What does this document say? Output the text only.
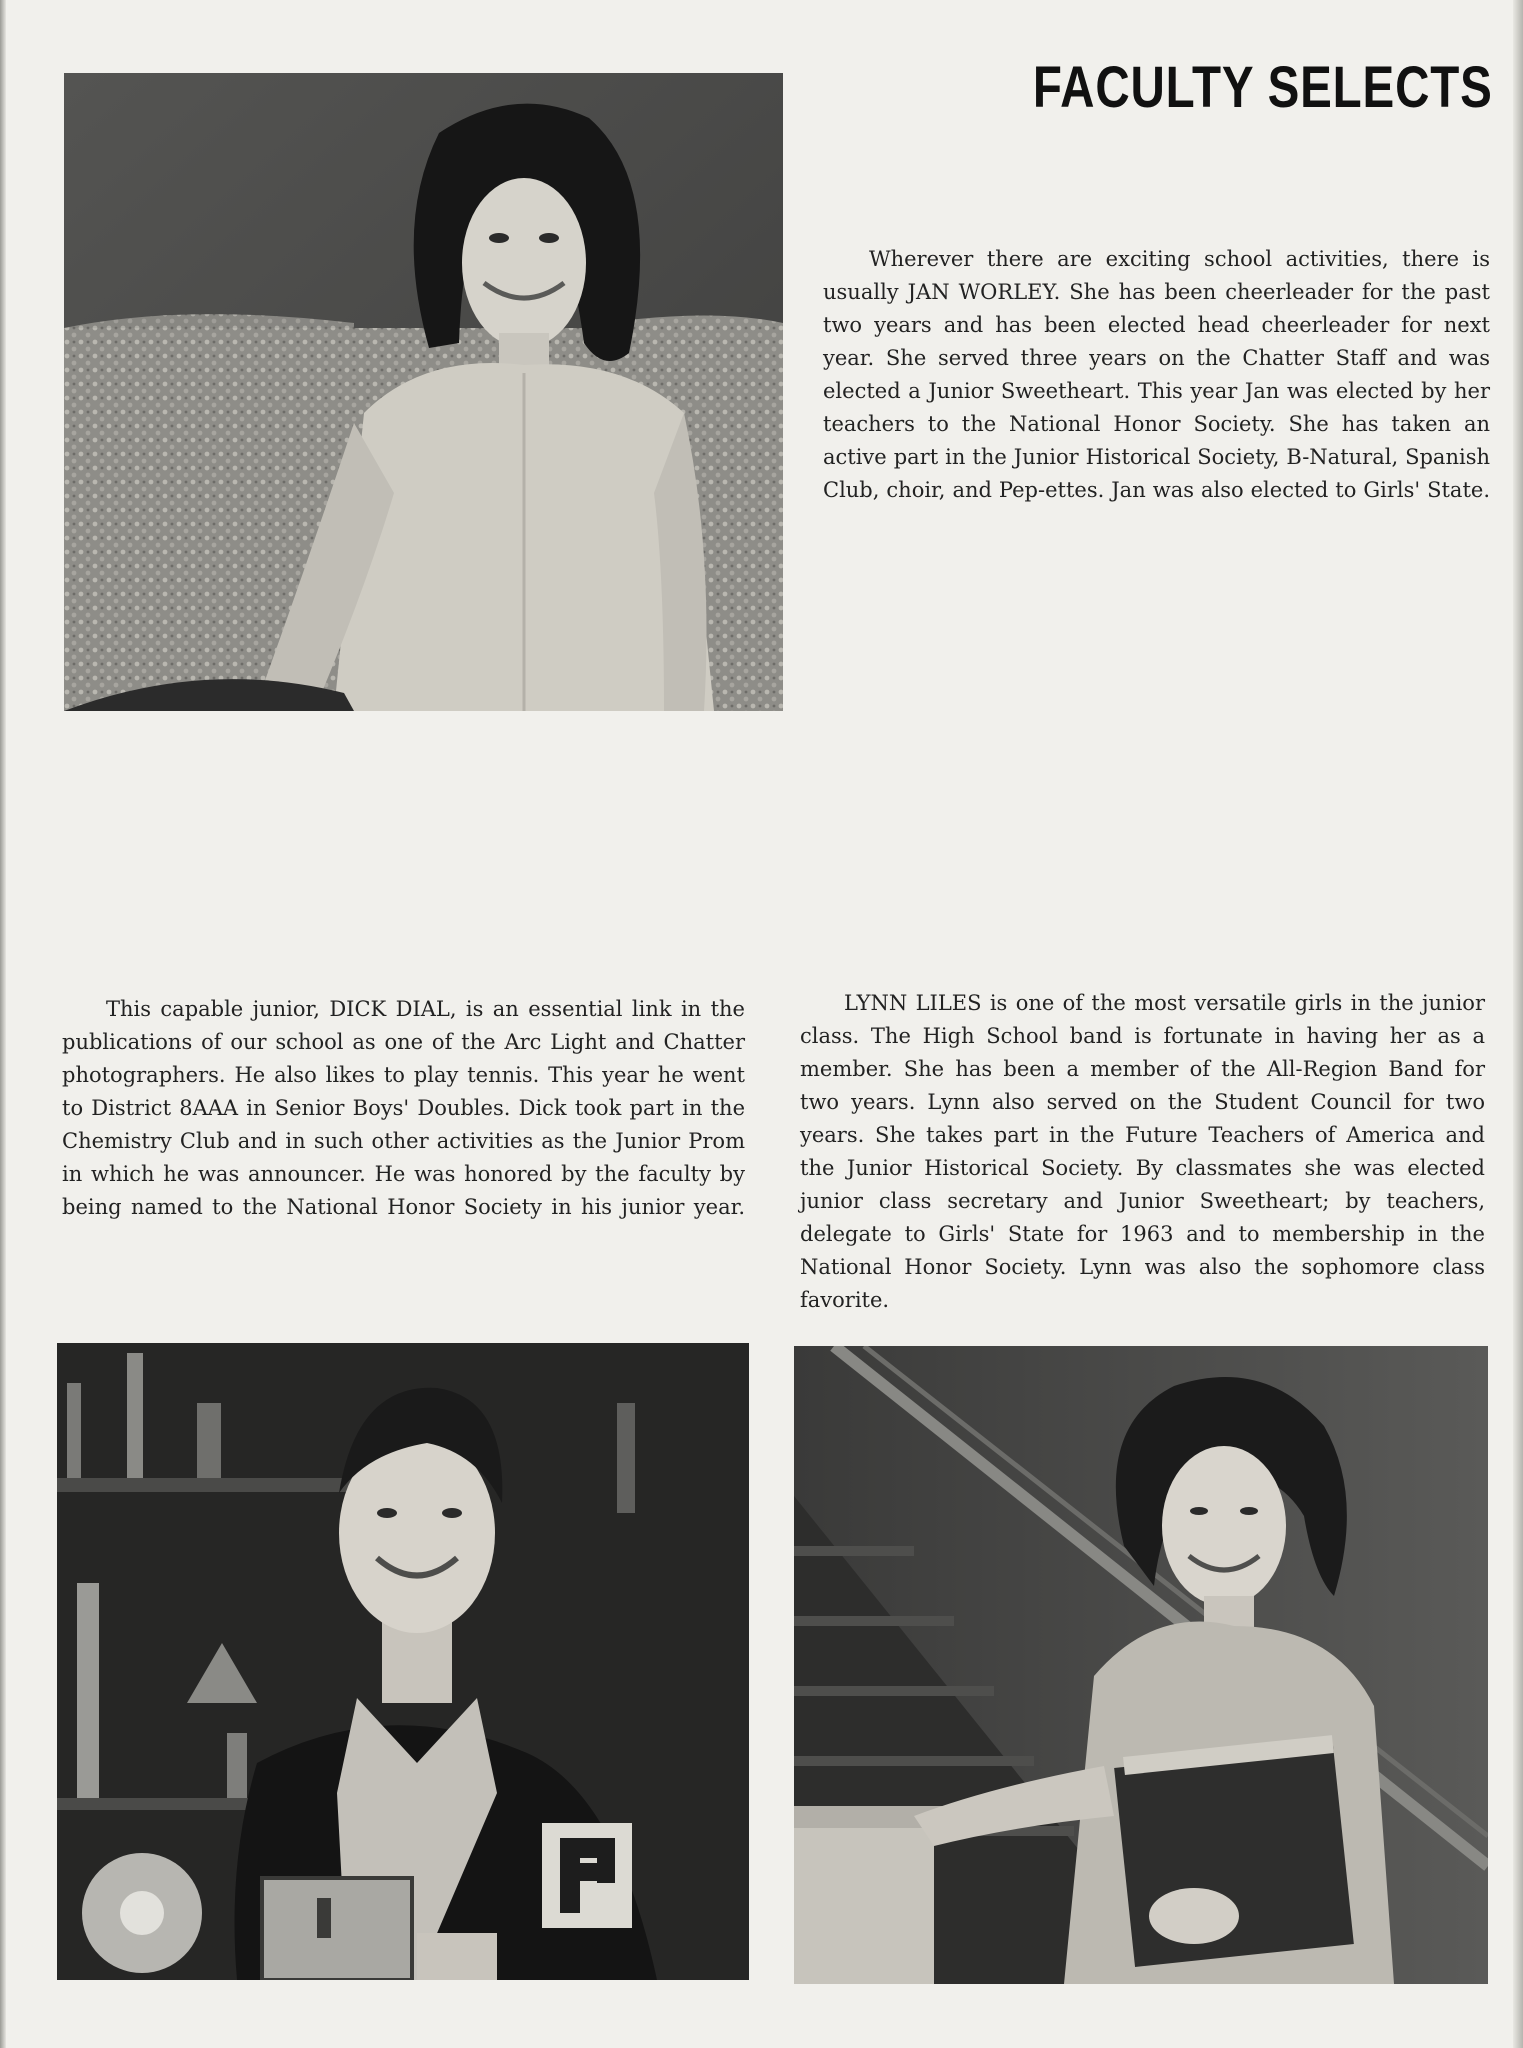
FACULTY SELECTS

Wherever there are exciting school activities, there is usually JAN WORLEY. She has been cheerleader for the past two years and has been elected head cheerleader for next year. She served three years on the Chatter Staff and was elected a Junior Sweetheart. This year Jan was elected by her teachers to the National Honor Society. She has taken an active part in the Junior Historical Society, B-Natural, Spanish Club, choir, and Pep-ettes. Jan was also elected to Girls' State.

This capable junior, DICK DIAL, is an essential link in the publications of our school as one of the Arc Light and Chatter photographers. He also likes to play tennis. This year he went to District 8AAA in Senior Boys' Doubles. Dick took part in the Chemistry Club and in such other activities as the Junior Prom in which he was announcer. He was honored by the faculty by being named to the National Honor Society in his junior year.

LYNN LILES is one of the most versatile girls in the junior class. The High School band is fortunate in having her as a member. She has been a member of the All-Region Band for two years. Lynn also served on the Student Council for two years. She takes part in the Future Teachers of America and the Junior Historical Society. By classmates she was elected junior class secretary and Junior Sweetheart; by teachers, delegate to Girls' State for 1963 and to membership in the National Honor Society. Lynn was also the sophomore class favorite.
